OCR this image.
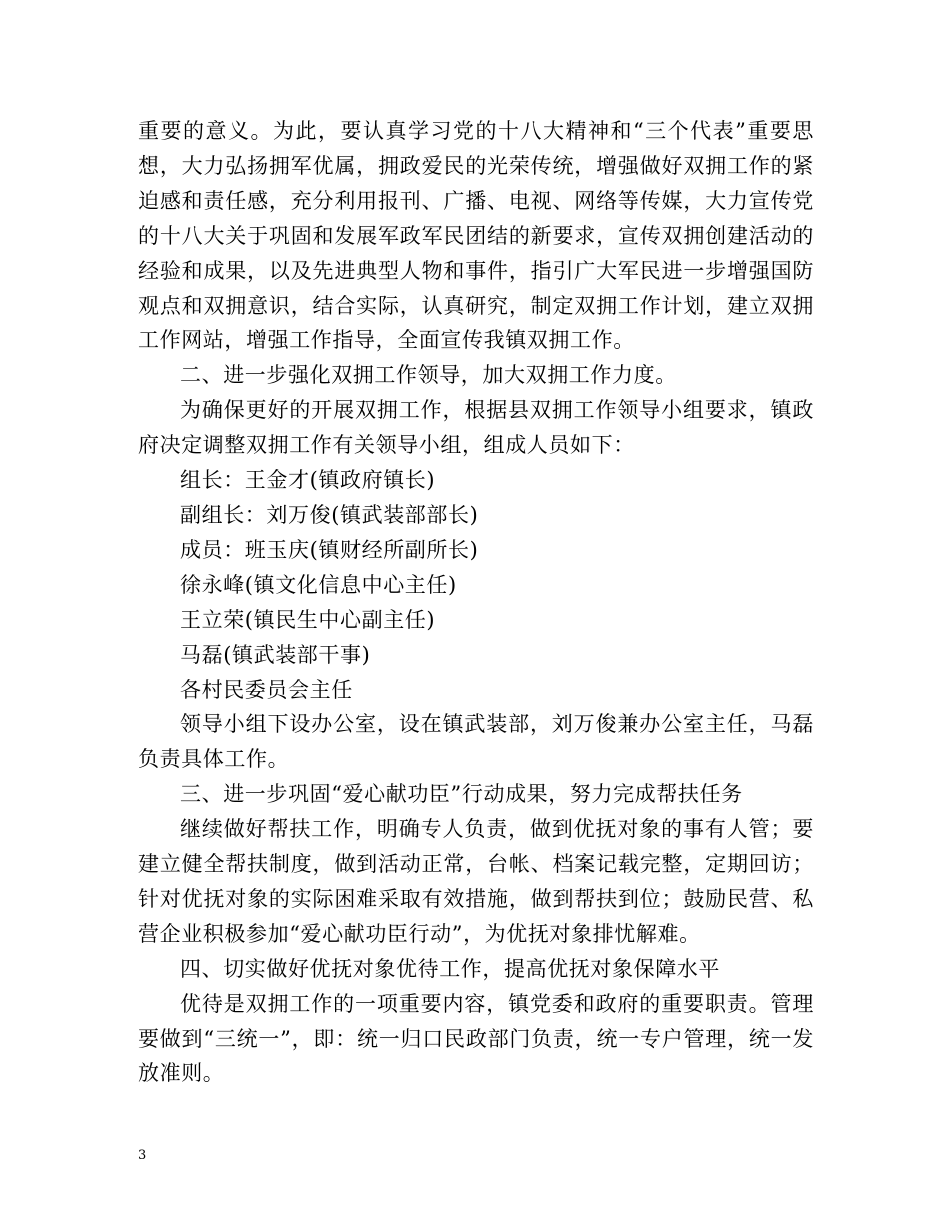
重要的意义。为此，要认真学习党的十八大精神和“三个代表”重要思想，大力弘扬拥军优属，拥政爱民的光荣传统，增强做好双拥工作的紧迫感和责任感，充分利用报刊、广播、电视、网络等传媒，大力宣传党的十八大关于巩固和发展军政军民团结的新要求，宣传双拥创建活动的经验和成果，以及先进典型人物和事件，指引广大军民进一步增强国防观点和双拥意识，结合实际，认真研究，制定双拥工作计划，建立双拥工作网站，增强工作指导，全面宣传我镇双拥工作。

二、进一步强化双拥工作领导，加大双拥工作力度。

为确保更好的开展双拥工作，根据县双拥工作领导小组要求，镇政府决定调整双拥工作有关领导小组，组成人员如下：

组长：王金才(镇政府镇长)

副组长：刘万俊(镇武装部部长)

成员：班玉庆(镇财经所副所长)

徐永峰(镇文化信息中心主任)

王立荣(镇民生中心副主任)

马磊(镇武装部干事)

各村民委员会主任

领导小组下设办公室，设在镇武装部，刘万俊兼办公室主任，马磊负责具体工作。

三、进一步巩固“爱心献功臣”行动成果，努力完成帮扶任务

继续做好帮扶工作，明确专人负责，做到优抚对象的事有人管；要建立健全帮扶制度，做到活动正常，台帐、档案记载完整，定期回访；针对优抚对象的实际困难采取有效措施，做到帮扶到位；鼓励民营、私营企业积极参加“爱心献功臣行动”，为优抚对象排忧解难。

四、切实做好优抚对象优待工作，提高优抚对象保障水平

优待是双拥工作的一项重要内容，镇党委和政府的重要职责。管理要做到“三统一”，即：统一归口民政部门负责，统一专户管理，统一发放准则。

3
